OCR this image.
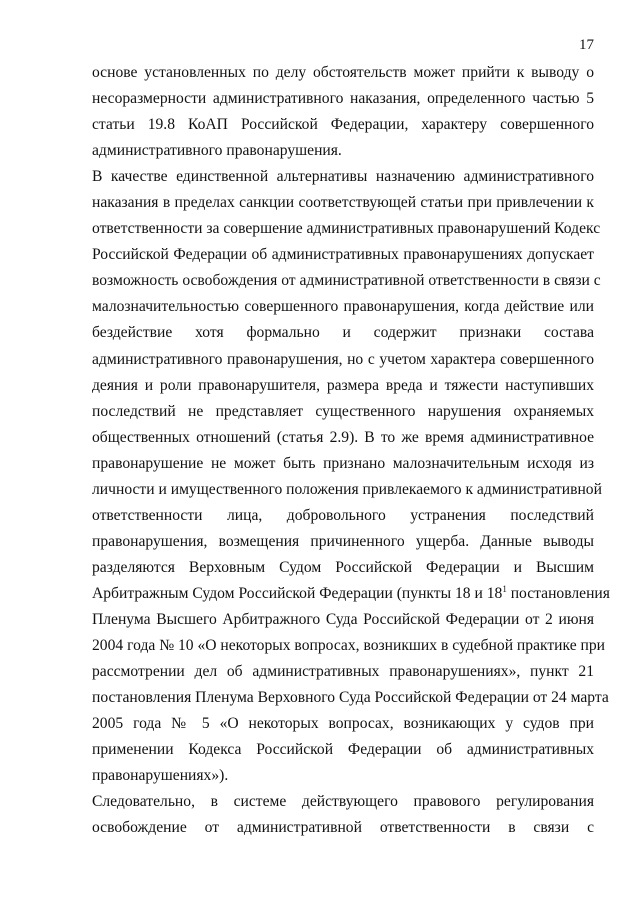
17
основе установленных по делу обстоятельств может прийти к выводу о
несоразмерности административного наказания, определенного частью 5
статьи 19.8 КоАП Российской Федерации, характеру совершенного
административного правонарушения.
В качестве единственной альтернативы назначению административного
наказания в пределах санкции соответствующей статьи при привлечении к
ответственности за совершение административных правонарушений Кодекс
Российской Федерации об административных правонарушениях допускает
возможность освобождения от административной ответственности в связи с
малозначительностью совершенного правонарушения, когда действие или
бездействие хотя формально и содержит признаки состава
административного правонарушения, но с учетом характера совершенного
деяния и роли правонарушителя, размера вреда и тяжести наступивших
последствий не представляет существенного нарушения охраняемых
общественных отношений (статья 2.9). В то же время административное
правонарушение не может быть признано малозначительным исходя из
личности и имущественного положения привлекаемого к административной
ответственности лица, добровольного устранения последствий
правонарушения, возмещения причиненного ущерба. Данные выводы
разделяются Верховным Судом Российской Федерации и Высшим
Арбитражным Судом Российской Федерации (пункты 18 и $18^1$ постановления
Пленума Высшего Арбитражного Суда Российской Федерации от 2 июня
2004 года № 10 «О некоторых вопросах, возникших в судебной практике при
рассмотрении дел об административных правонарушениях», пункт 21
постановления Пленума Верховного Суда Российской Федерации от 24 марта
2005 года № 5 «О некоторых вопросах, возникающих у судов при
применении Кодекса Российской Федерации об административных
правонарушениях»).
Следовательно, в системе действующего правового регулирования
освобождение от административной ответственности в связи с
